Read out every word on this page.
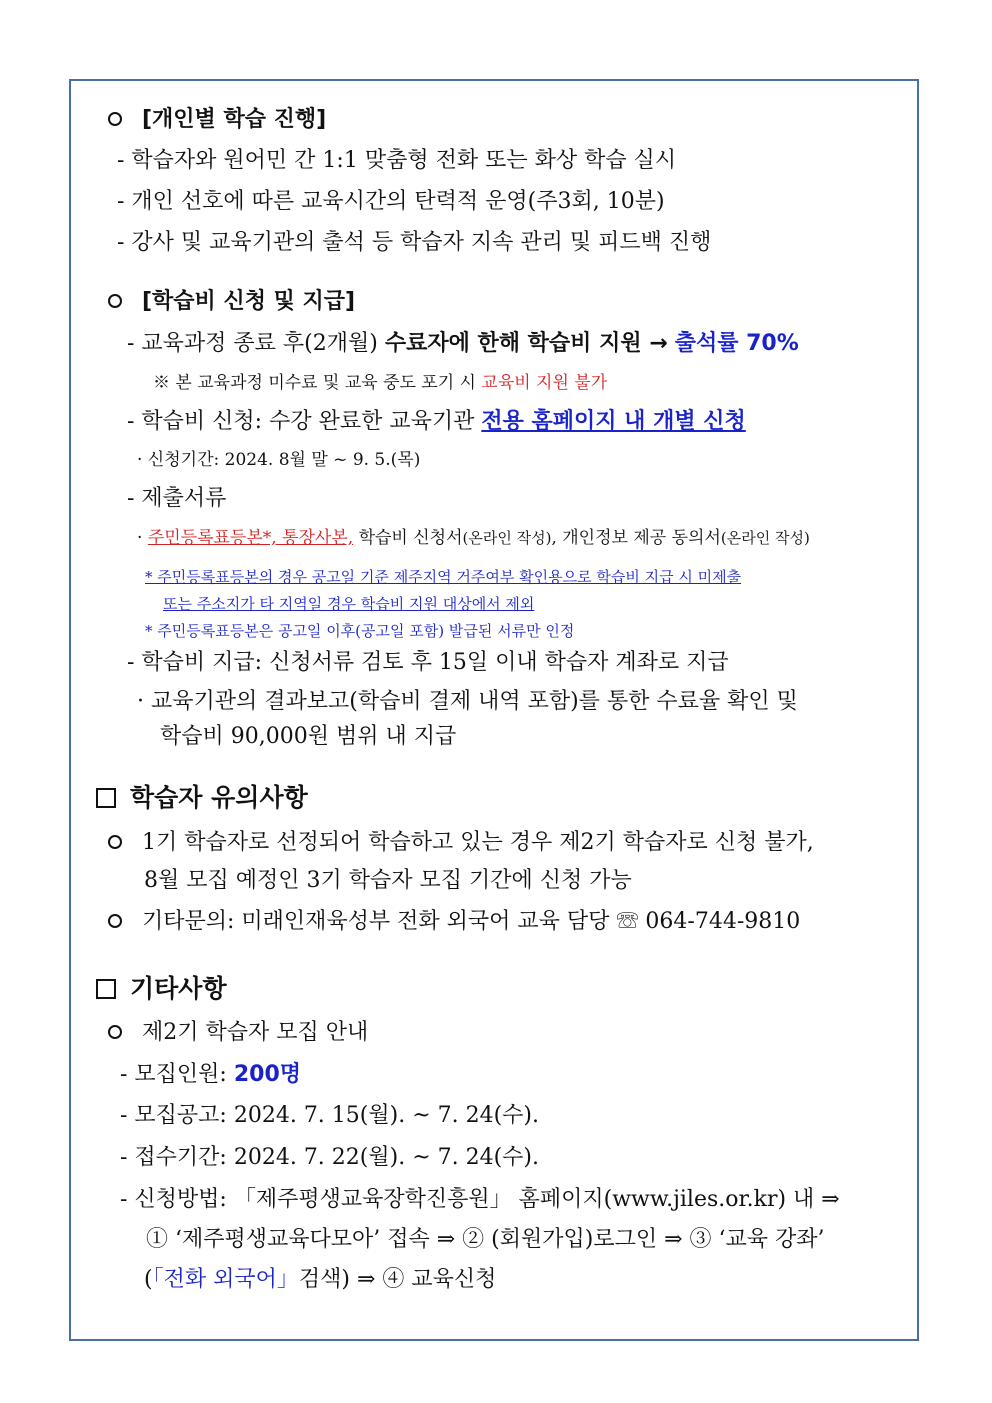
[개인별 학습 진행]
- 학습자와 원어민 간 1:1 맞춤형 전화 또는 화상 학습 실시
- 개인 선호에 따른 교육시간의 탄력적 운영(주3회, 10분)
- 강사 및 교육기관의 출석 등 학습자 지속 관리 및 피드백 진행
[학습비 신청 및 지급]
- 교육과정 종료 후(2개월) 수료자에 한해 학습비 지원 → 출석률 70%
※ 본 교육과정 미수료 및 교육 중도 포기 시 교육비 지원 불가
- 학습비 신청: 수강 완료한 교육기관 전용 홈페이지 내 개별 신청
· 신청기간: 2024. 8월 말 ~ 9. 5.(목)
- 제출서류
· 주민등록표등본*, 통장사본, 학습비 신청서(온라인 작성), 개인정보 제공 동의서(온라인 작성)
* 주민등록표등본의 경우 공고일 기준 제주지역 거주여부 확인용으로 학습비 지급 시 미제출
또는 주소지가 타 지역일 경우 학습비 지원 대상에서 제외
* 주민등록표등본은 공고일 이후(공고일 포함) 발급된 서류만 인정
- 학습비 지급: 신청서류 검토 후 15일 이내 학습자 계좌로 지급
· 교육기관의 결과보고(학습비 결제 내역 포함)를 통한 수료율 확인 및
학습비 90,000원 범위 내 지급
학습자 유의사항
1기 학습자로 선정되어 학습하고 있는 경우 제2기 학습자로 신청 불가,
8월 모집 예정인 3기 학습자 모집 기간에 신청 가능
기타문의: 미래인재육성부 전화 외국어 교육 담당 ☏ 064-744-9810
기타사항
제2기 학습자 모집 안내
- 모집인원: 200명
- 모집공고: 2024. 7. 15(월). ~ 7. 24(수).
- 접수기간: 2024. 7. 22(월). ~ 7. 24(수).
- 신청방법: 「제주평생교육장학진흥원」 홈페이지(www.jiles.or.kr) 내 ⇒
① ‘제주평생교육다모아’ 접속 ⇒ ② (회원가입)로그인 ⇒ ③ ‘교육 강좌’
(「전화 외국어」검색) ⇒ ④ 교육신청
